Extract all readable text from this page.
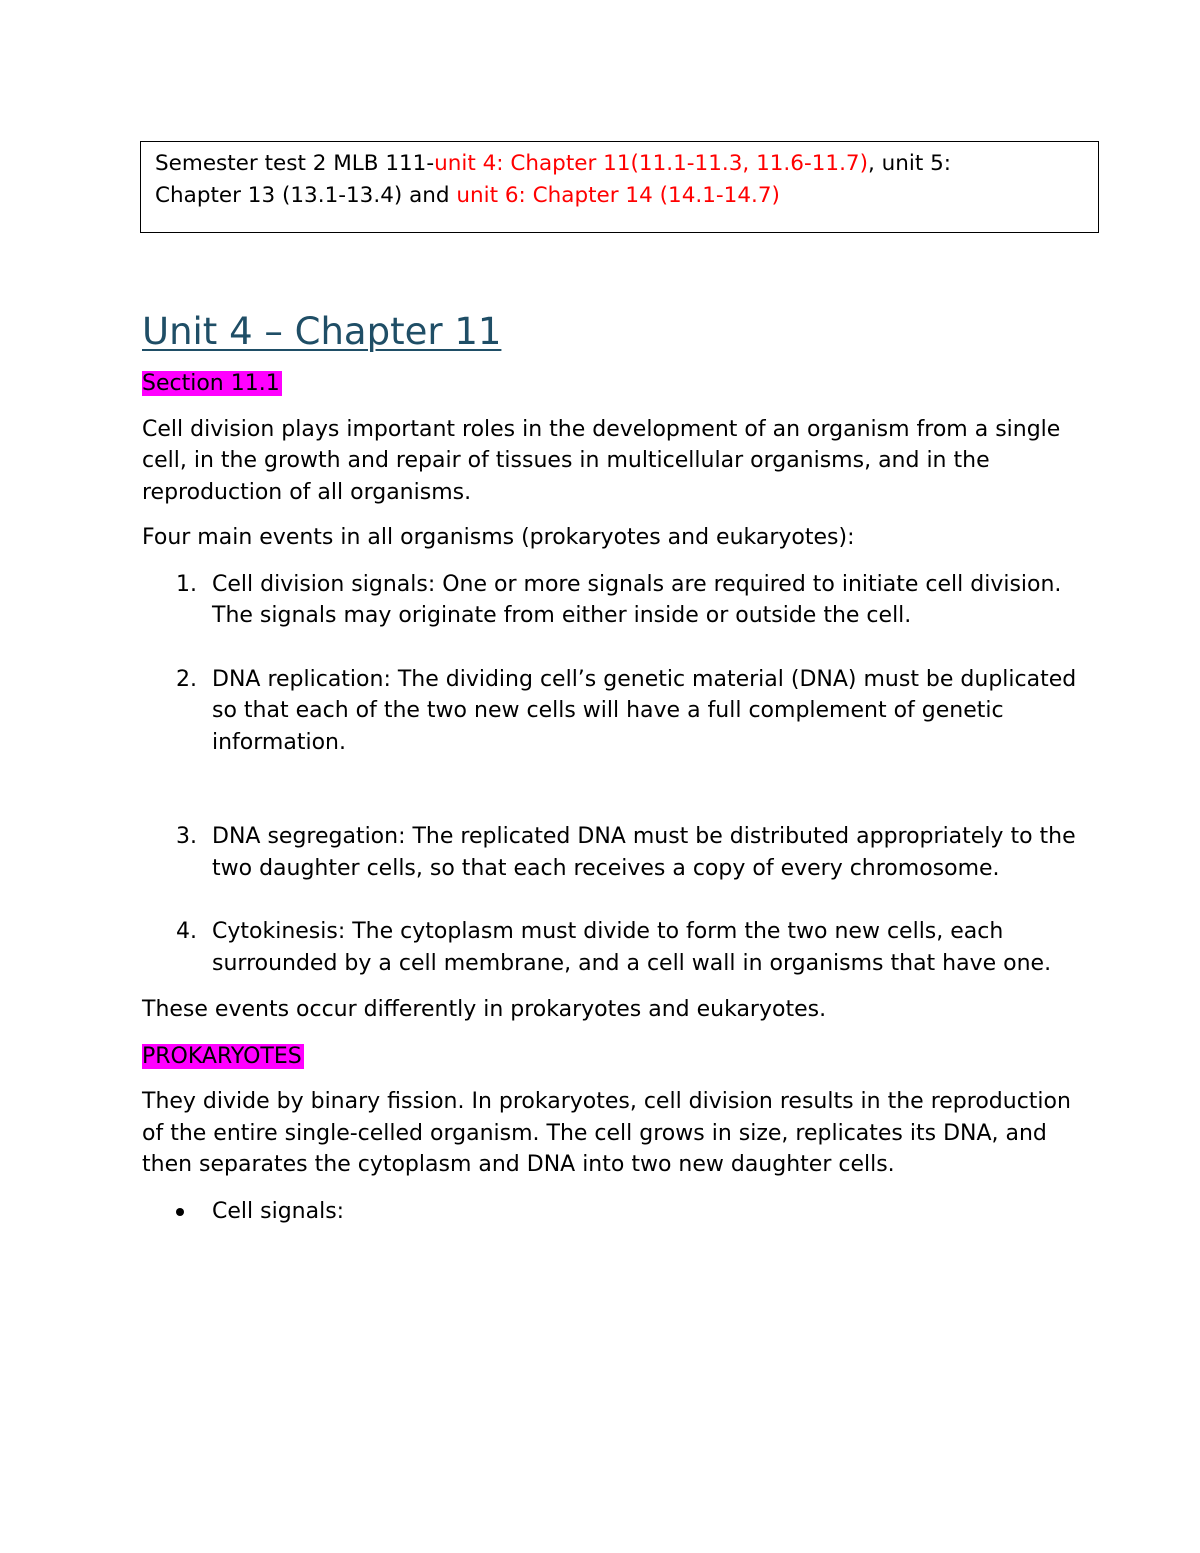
Semester test 2 MLB 111-unit 4: Chapter 11(11.1-11.3, 11.6-11.7), unit 5:
Chapter 13 (13.1-13.4) and unit 6: Chapter 14 (14.1-14.7)
Unit 4 – Chapter 11

Section 11.1

Cell division plays important roles in the development of an organism from a single cell, in the growth and repair of tissues in multicellular organisms, and in the reproduction of all organisms.

Four main events in all organisms (prokaryotes and eukaryotes):

1. Cell division signals: One or more signals are required to initiate cell division. The signals may originate from either inside or outside the cell.
2. DNA replication: The dividing cell’s genetic material (DNA) must be duplicated so that each of the two new cells will have a full complement of genetic information.
3. DNA segregation: The replicated DNA must be distributed appropriately to the two daughter cells, so that each receives a copy of every chromosome.
4. Cytokinesis: The cytoplasm must divide to form the two new cells, each surrounded by a cell membrane, and a cell wall in organisms that have one.

These events occur differently in prokaryotes and eukaryotes.

PROKARYOTES

They divide by binary fission. In prokaryotes, cell division results in the reproduction of the entire single-celled organism. The cell grows in size, replicates its DNA, and then separates the cytoplasm and DNA into two new daughter cells.

Cell signals:
